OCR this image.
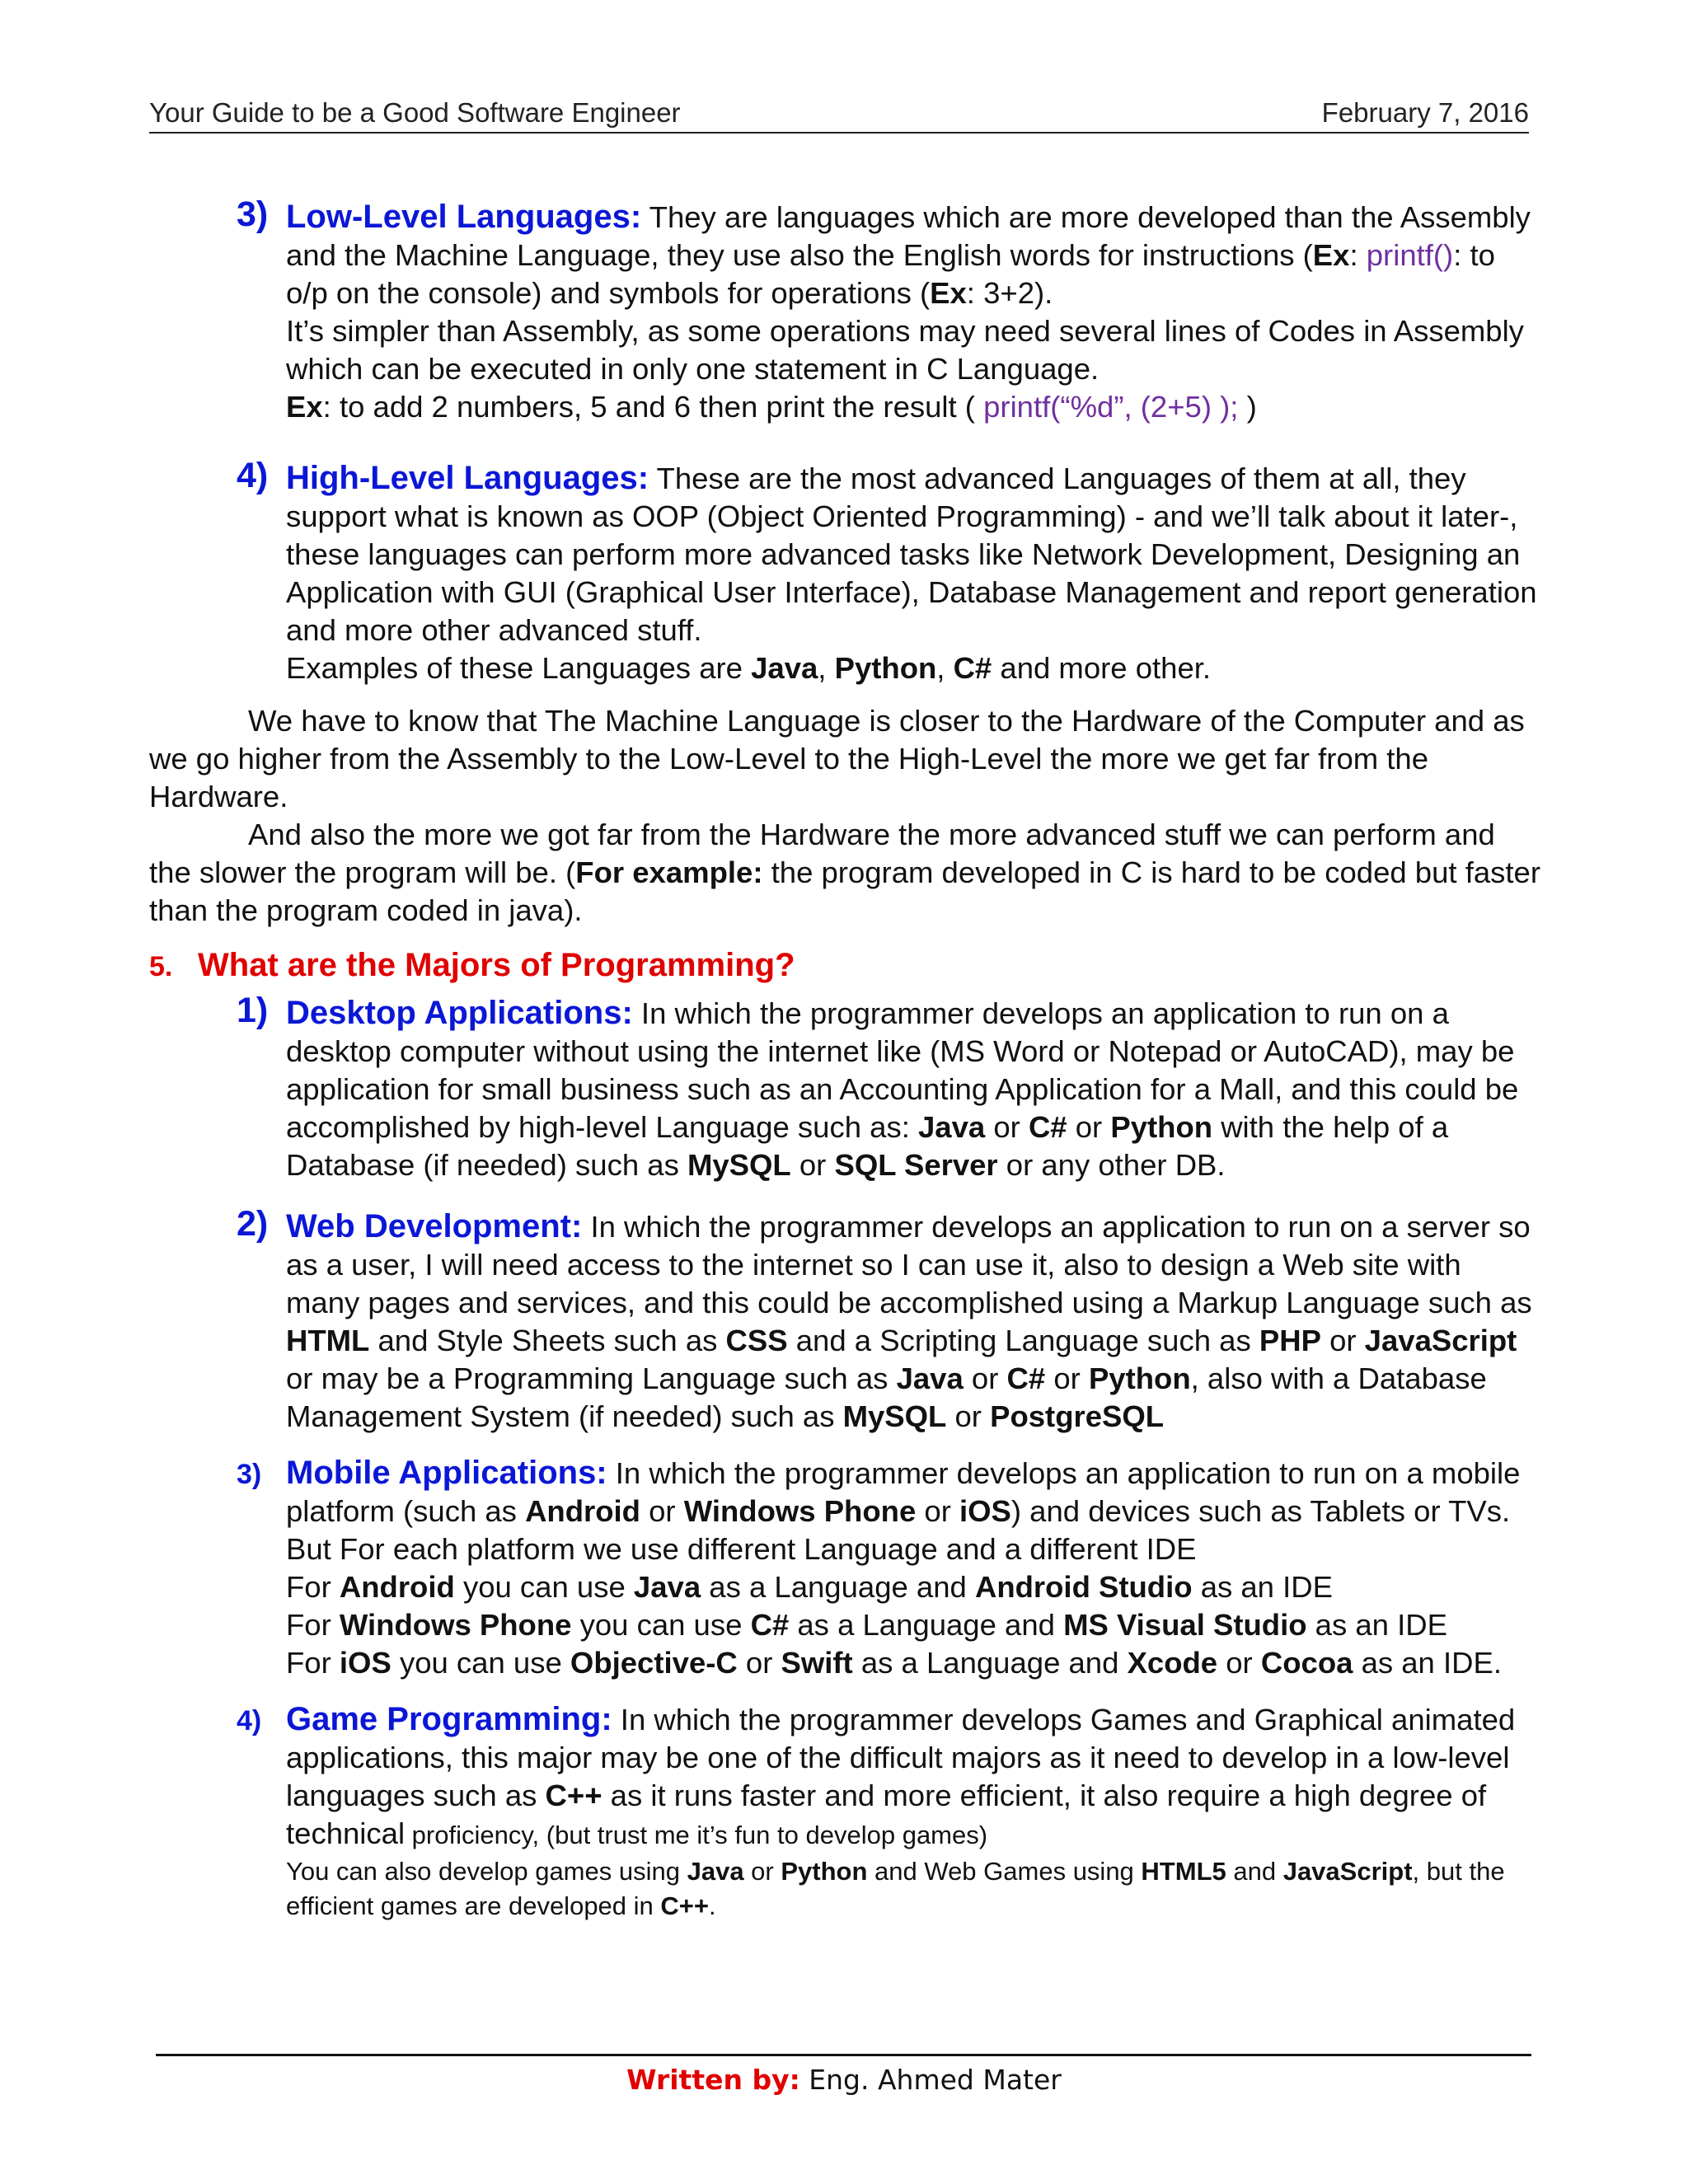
Your Guide to be a Good Software Engineer	February 7, 2016
3) Low-Level Languages: They are languages which are more developed than the Assembly and the Machine Language, they use also the English words for instructions (Ex: printf(): to o/p on the console) and symbols for operations (Ex: 3+2).

It’s simpler than Assembly, as some operations may need several lines of Codes in Assembly which can be executed in only one statement in C Language.

Ex: to add 2 numbers, 5 and 6 then print the result ( printf(“%d”, (2+5) ); )

4) High-Level Languages: These are the most advanced Languages of them at all, they support what is known as OOP (Object Oriented Programming) - and we’ll talk about it later-, these languages can perform more advanced tasks like Network Development, Designing an Application with GUI (Graphical User Interface), Database Management and report generation and more other advanced stuff.

Examples of these Languages are Java, Python, C# and more other.

We have to know that The Machine Language is closer to the Hardware of the Computer and as we go higher from the Assembly to the Low-Level to the High-Level the more we get far from the Hardware.

And also the more we got far from the Hardware the more advanced stuff we can perform and the slower the program will be. (For example: the program developed in C is hard to be coded but faster than the program coded in java).

5. What are the Majors of Programming?

1) Desktop Applications: In which the programmer develops an application to run on a desktop computer without using the internet like (MS Word or Notepad or AutoCAD), may be application for small business such as an Accounting Application for a Mall, and this could be accomplished by high-level Language such as: Java or C# or Python with the help of a Database (if needed) such as MySQL or SQL Server or any other DB.

2) Web Development: In which the programmer develops an application to run on a server so as a user, I will need access to the internet so I can use it, also to design a Web site with many pages and services, and this could be accomplished using a Markup Language such as HTML and Style Sheets such as CSS and a Scripting Language such as PHP or JavaScript or may be a Programming Language such as Java or C# or Python, also with a Database Management System (if needed) such as MySQL or PostgreSQL

3) Mobile Applications: In which the programmer develops an application to run on a mobile platform (such as Android or Windows Phone or iOS) and devices such as Tablets or TVs.

But For each platform we use different Language and a different IDE

For Android you can use Java as a Language and Android Studio as an IDE

For Windows Phone you can use C# as a Language and MS Visual Studio as an IDE

For iOS you can use Objective-C or Swift as a Language and Xcode or Cocoa as an IDE.

4) Game Programming: In which the programmer develops Games and Graphical animated applications, this major may be one of the difficult majors as it need to develop in a low-level languages such as C++ as it runs faster and more efficient, it also require a high degree of technical proficiency, (but trust me it’s fun to develop games)

You can also develop games using Java or Python and Web Games using HTML5 and JavaScript, but the efficient games are developed in C++.

Written by: Eng. Ahmed Mater
